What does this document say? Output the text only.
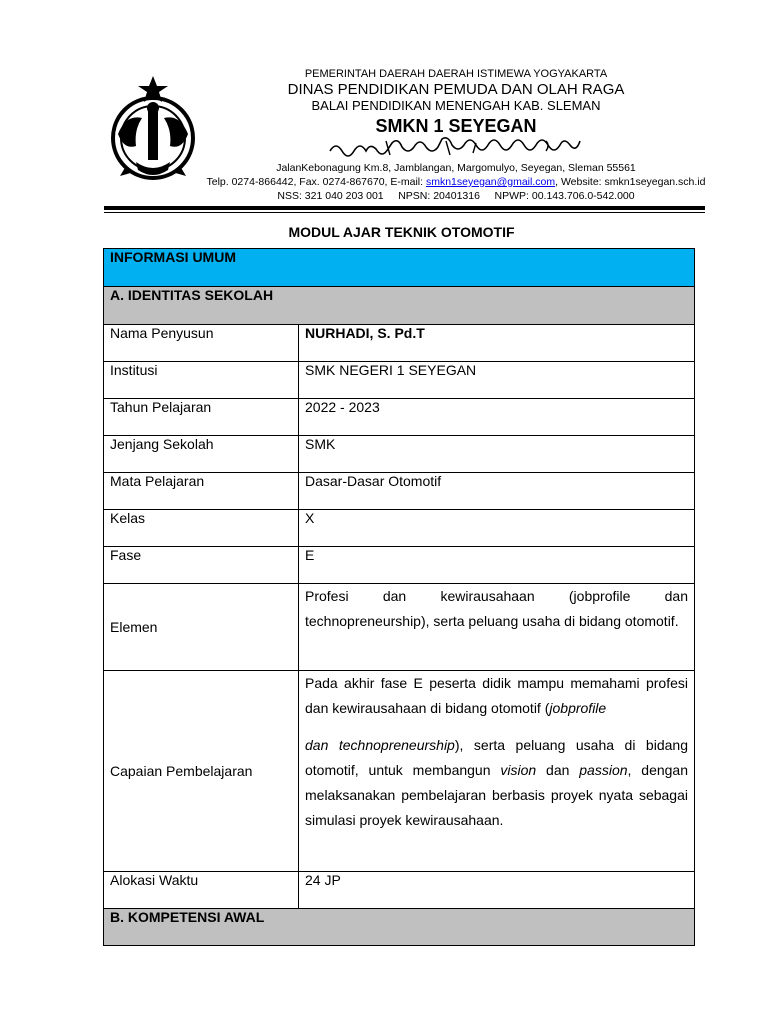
PEMERINTAH DAERAH DAERAH ISTIMEWA YOGYAKARTA
DINAS PENDIDIKAN PEMUDA DAN OLAH RAGA
BALAI PENDIDIKAN MENENGAH KAB. SLEMAN
SMKN 1 SEYEGAN
JalanKebonagung Km.8, Jamblangan, Margomulyo, Seyegan, Sleman 55561
Telp. 0274-866442, Fax. 0274-867670, E-mail: smkn1seyegan@gmail.com, Website: smkn1seyegan.sch.id
NSS: 321 040 203 001     NPSN: 20401316     NPWP: 00.143.706.0-542.000
MODUL AJAR TEKNIK OTOMOTIF
INFORMASI UMUM	
A. IDENTITAS SEKOLAH	
Nama Penyusun	NURHADI, S. Pd.T
Institusi	SMK NEGERI 1 SEYEGAN
Tahun Pelajaran	2022 - 2023
Jenjang Sekolah	SMK
Mata Pelajaran	Dasar-Dasar Otomotif
Kelas	X
Fase	E
Elemen	Profesi dan kewirausahaan (jobprofile dan technopreneurship), serta peluang usaha di bidang otomotif.
Capaian Pembelajaran	Pada akhir fase E peserta didik mampu memahami profesi dan kewirausahaan di bidang otomotif (jobprofile
dan technopreneurship), serta peluang usaha di bidang otomotif, untuk membangun vision dan passion, dengan melaksanakan pembelajaran berbasis proyek nyata sebagai simulasi proyek kewirausahaan.

Alokasi Waktu	24 JP
B. KOMPETENSI AWAL	
